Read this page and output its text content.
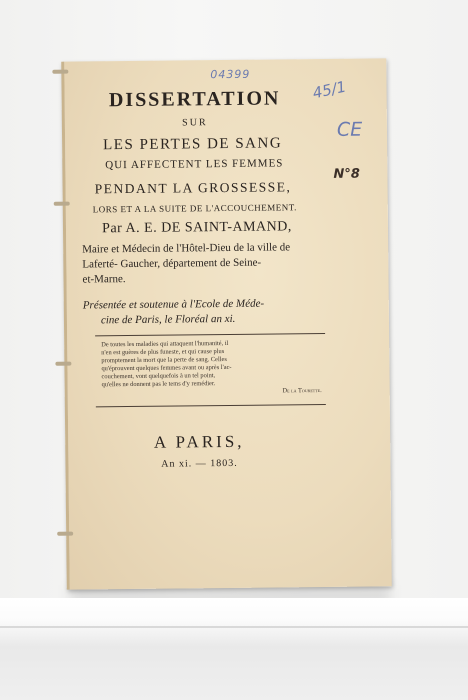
04399
45/1
CE
N°8
DISSERTATION
SUR
LES PERTES DE SANG
QUI AFFECTENT LES FEMMES
PENDANT LA GROSSESSE,
LORS ET A LA SUITE DE L'ACCOUCHEMENT.
Par A. E. DE SAINT-AMAND,
Maire et Médecin de l'Hôtel-Dieu de la ville de
Laferté- Gaucher, département de Seine-
et-Marne.
Présentée et soutenue à l'Ecole de Méde-
cine de Paris, le Floréal an xi.
De toutes les maladies qui attaquent l'humanité, il
n'en est guères de plus funeste, et qui cause plus
promptement la mort que la perte de sang. Celles
qu'éprouvent quelques femmes avant ou après l'ac-
couchement, vont quelquefois à un tel point,
qu'elles ne donnent pas le tems d'y remédier.
De la Tourette.
A PARIS,
An xi. — 1803.
